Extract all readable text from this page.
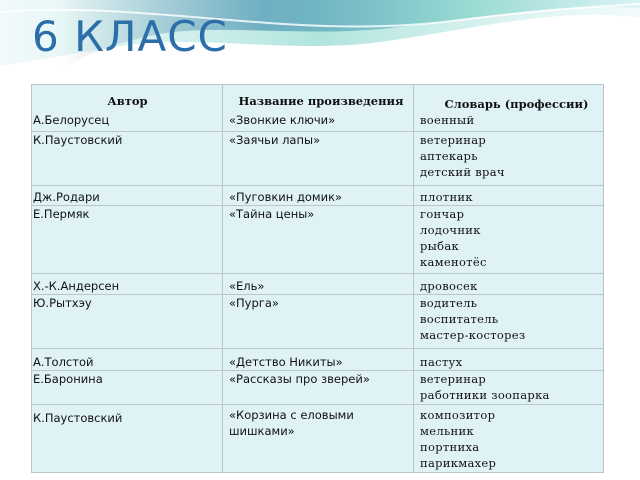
6 КЛАСС
Автор	Название произведения	Словарь (профессии)

А.Белорусец	«Звонкие ключи»	военный

К.Паустовский	«Заячьи лапы»	ветеринар
аптекарь
детский врач

Дж.Родари	«Пуговкин домик»	плотник

Е.Пермяк	«Тайна цены»	гончар
лодочник
рыбак
каменотёс

Х.-К.Андерсен	«Ель»	дровосек

Ю.Рытхэу	«Пурга»	водитель
воспитатель
мастер-косторез

А.Толстой	«Детство Никиты»	пастух

Е.Баронина	«Рассказы про зверей»	ветеринар
работники зоопарка

К.Паустовский	«Корзина с еловыми
шишками»	композитор
мельник
портниха
парикмахер
